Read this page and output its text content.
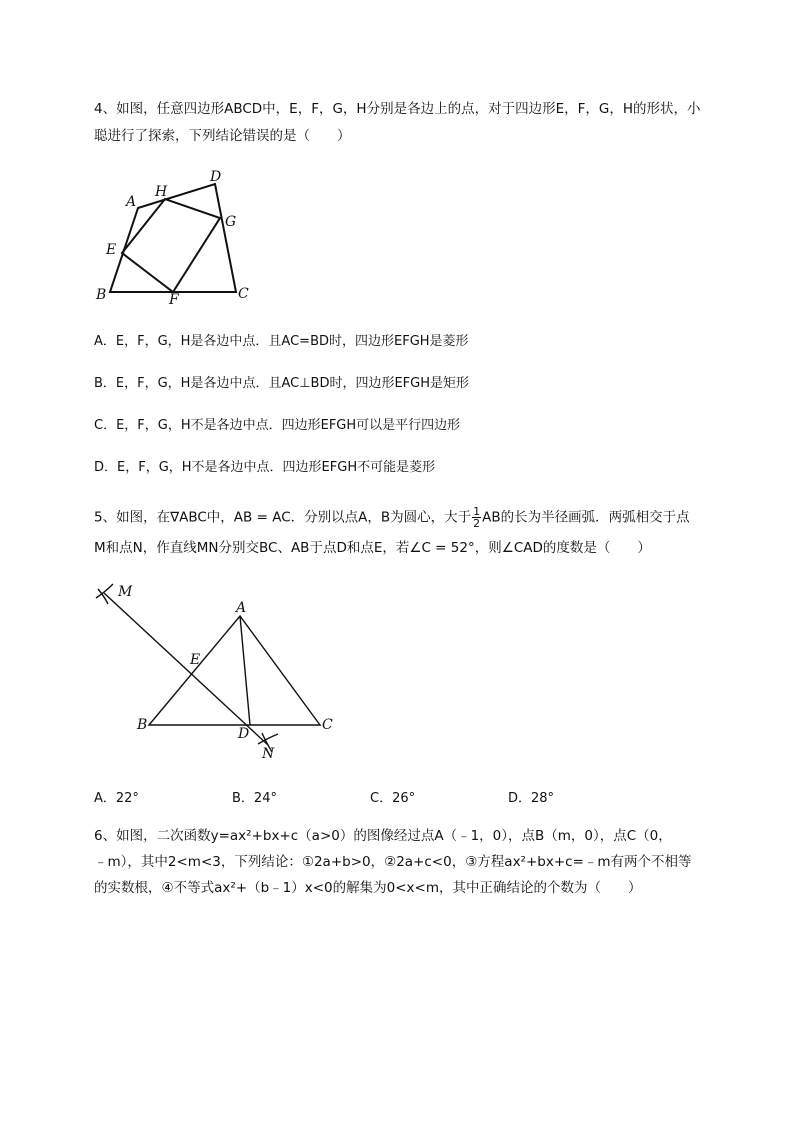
4、如图，任意四边形ABCD中，E，F，G，H分别是各边上的点，对于四边形E，F，G，H的形状，小
聪进行了探索，下列结论错误的是（　　）
A
H
D
G
E
B	F	C
A．E，F，G，H是各边中点．且AC=BD时，四边形EFGH是菱形
B．E，F，G，H是各边中点．且AC⊥BD时，四边形EFGH是矩形
C．E，F，G，H不是各边中点．四边形EFGH可以是平行四边形
D．E，F，G，H不是各边中点．四边形EFGH不可能是菱形
5、如图，在∇ABC中，AB = AC．分别以点A，B为圆心，大于 $\frac{1}{2}$ AB的长为半径画弧．两弧相交于点
M和点N，作直线MN分别交BC、AB于点D和点E，若∠C = 52°，则∠CAD的度数是（　　）
M
A
E
B	C
D
N
A．22°	B．24°	C．26°	D．28°
6、如图，二次函数y=ax²+bx+c（a>0）的图像经过点A（﹣1，0），点B（m，0），点C（0，
﹣m），其中2<m<3，下列结论：①2a+b>0，②2a+c<0，③方程ax²+bx+c=﹣m有两个不相等
的实数根，④不等式ax²+（b﹣1）x<0的解集为0<x<m，其中正确结论的个数为（　　）
